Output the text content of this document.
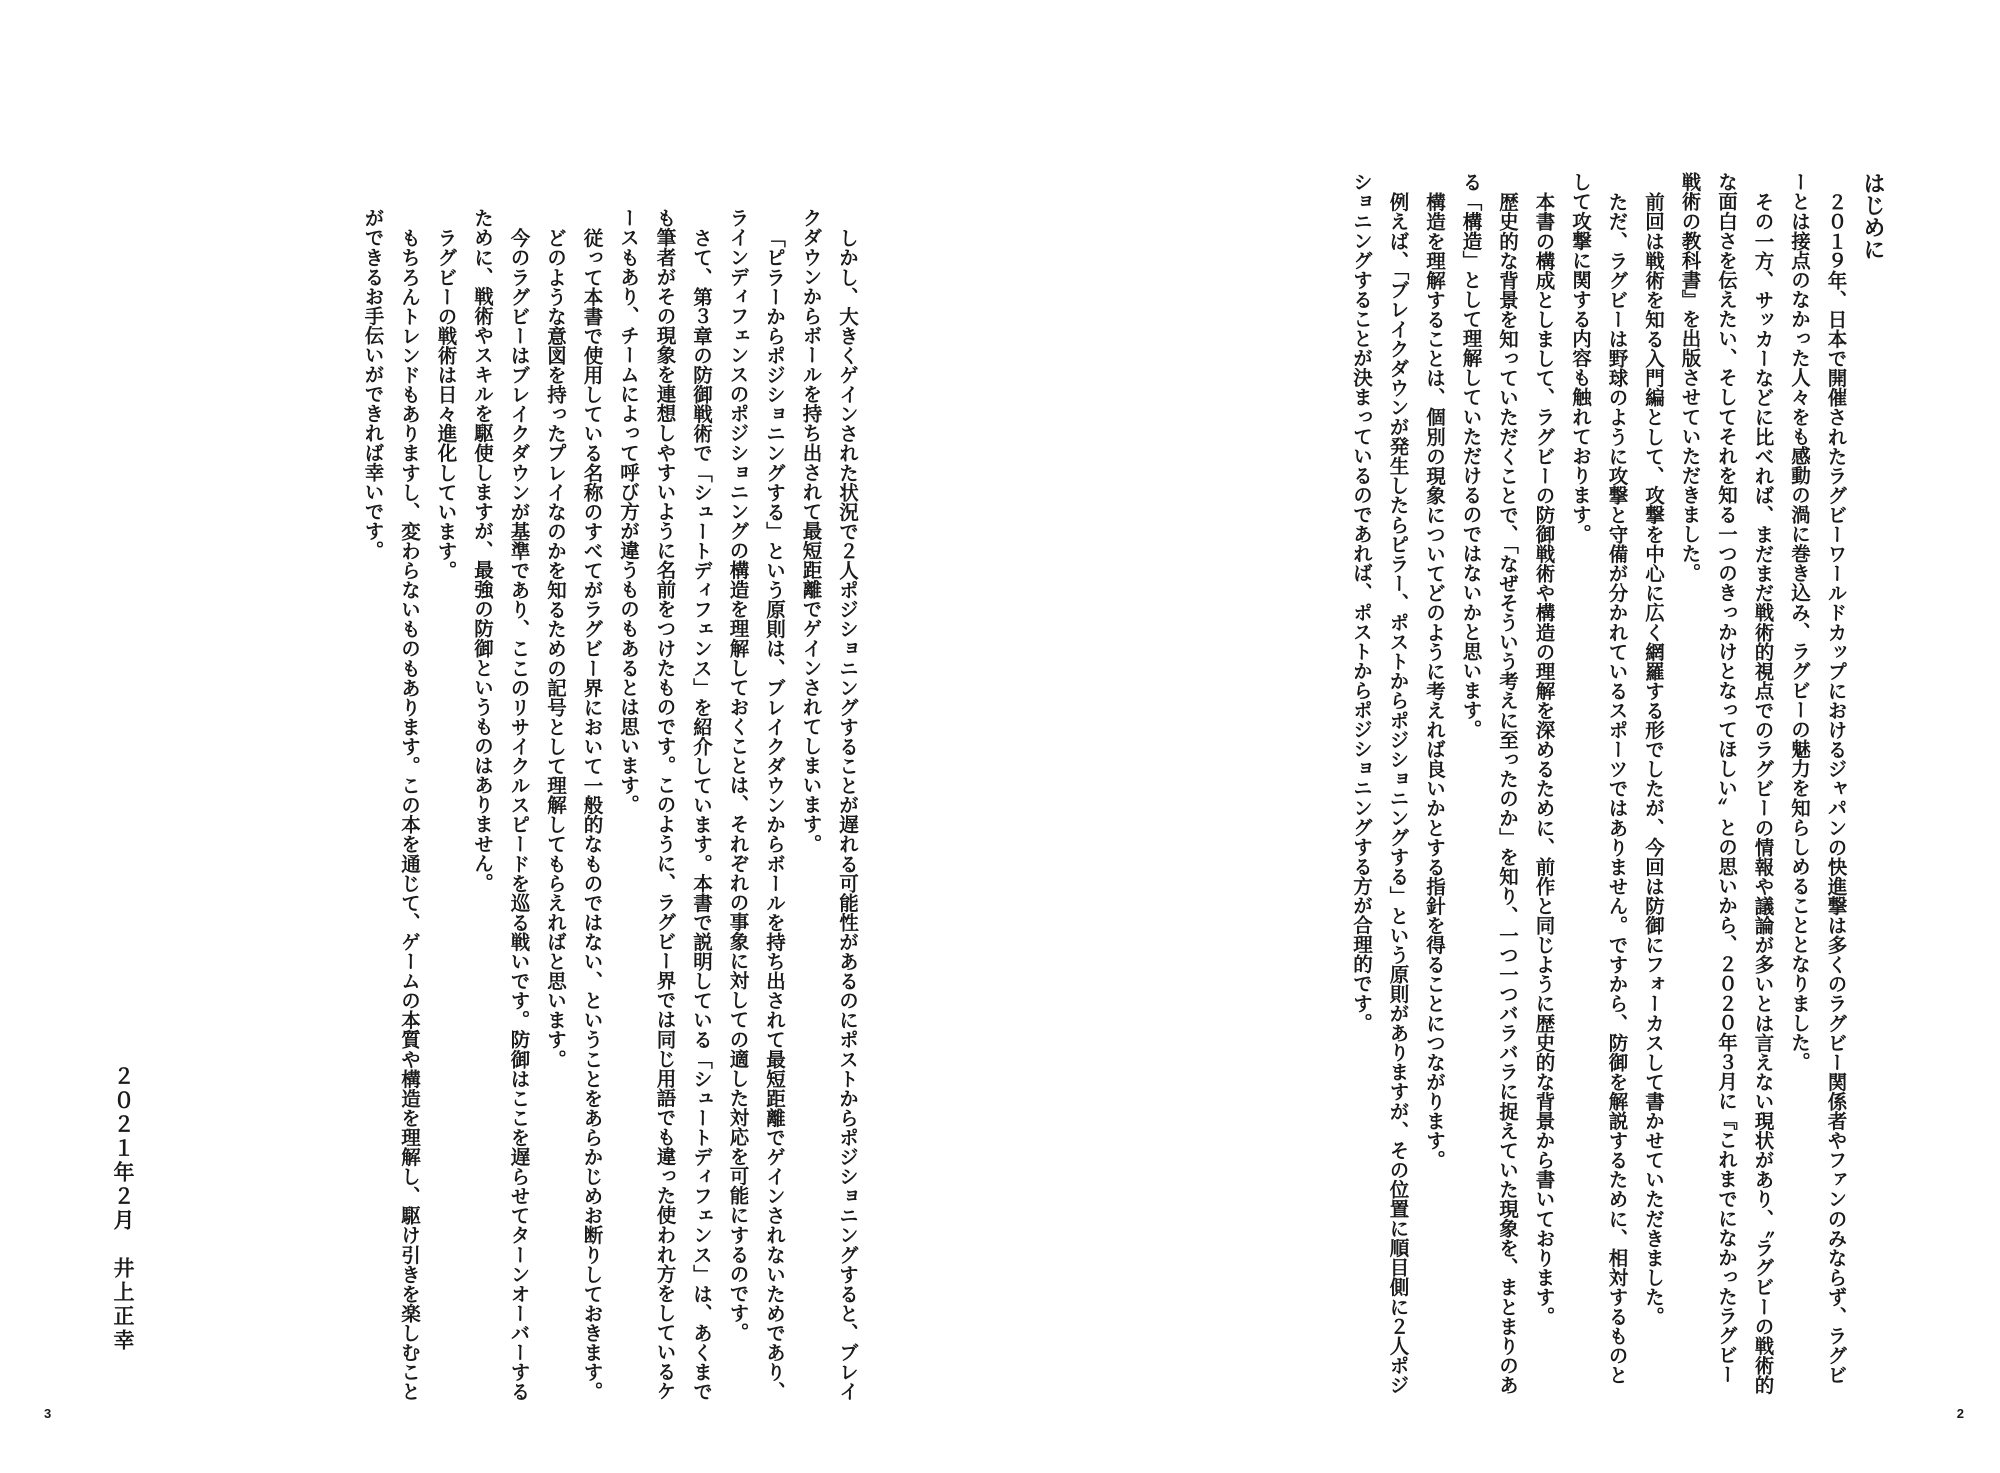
しかし、大きくゲインされた状況で２人ポジショニングすることが遅れる可能性があるのにポストからポジショニングすると、ブレイクダウンからボールを持ち出されて最短距離でゲインされてしまいます。

「ピラーからポジショニングする」という原則は、ブレイクダウンからボールを持ち出されて最短距離でゲインされないためであり、ラインディフェンスのポジショニングの構造を理解しておくことは、それぞれの事象に対しての適した対応を可能にするのです。

さて、第３章の防御戦術で「シュートディフェンス」を紹介しています。本書で説明している「シュートディフェンス」は、あくまでも筆者がその現象を連想しやすいように名前をつけたものです。このように、ラグビー界では同じ用語でも違った使われ方をしているケースもあり、チームによって呼び方が違うものもあるとは思います。

従って本書で使用している名称のすべてがラグビー界において一般的なものではない、ということをあらかじめお断りしておきます。

どのような意図を持ったプレイなのかを知るための記号として理解してもらえればと思います。

今のラグビーはブレイクダウンが基準であり、ここのリサイクルスピードを巡る戦いです。防御はここを遅らせてターンオーバーするために、戦術やスキルを駆使しますが、最強の防御というものはありません。

ラグビーの戦術は日々進化しています。

もちろんトレンドもありますし、変わらないものもあります。この本を通じて、ゲームの本質や構造を理解し、駆け引きを楽しむことができるお手伝いができれば幸いです。

２０２１年２月　井上正幸
3

はじめに

２０１９年、日本で開催されたラグビーワールドカップにおけるジャパンの快進撃は多くのラグビー関係者やファンのみならず、ラグビーとは接点のなかった人々をも感動の渦に巻き込み、ラグビーの魅力を知らしめることとなりました。

その一方、サッカーなどに比べれば、まだまだ戦術的視点でのラグビーの情報や議論が多いとは言えない現状があり、〝ラグビーの戦術的な面白さを伝えたい、そしてそれを知る一つのきっかけとなってほしい〟との思いから、２０２０年３月に『これまでになかったラグビー戦術の教科書』を出版させていただきました。

前回は戦術を知る入門編として、攻撃を中心に広く網羅する形でしたが、今回は防御にフォーカスして書かせていただきました。

ただ、ラグビーは野球のように攻撃と守備が分かれているスポーツではありません。ですから、防御を解説するために、相対するものとして攻撃に関する内容も触れております。

本書の構成としまして、ラグビーの防御戦術や構造の理解を深めるために、前作と同じように歴史的な背景から書いております。

歴史的な背景を知っていただくことで、「なぜそういう考えに至ったのか」を知り、一つ一つバラバラに捉えていた現象を、まとまりのある「構造」として理解していただけるのではないかと思います。

構造を理解することは、個別の現象についてどのように考えれば良いかとする指針を得ることにつながります。

例えば、「ブレイクダウンが発生したらピラー、ポストからポジショニングする」という原則がありますが、その位置に順目側に２人ポジショニングすることが決まっているのであれば、ポストからポジショニングする方が合理的です。

2
